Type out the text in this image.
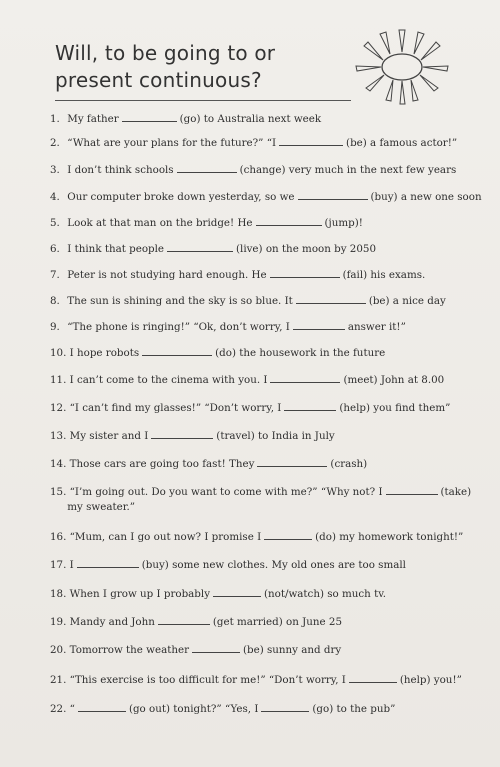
Will, to be going to or
present continuous?
1. My father	(go) to Australia next week
2. “What are your plans for the future?” “I	(be) a famous actor!”
3. I don’t think schools	(change) very much in the next few years
4. Our computer broke down yesterday, so we	(buy) a new one soon
5. Look at that man on the bridge! He	(jump)!
6. I think that people	(live) on the moon by 2050
7. Peter is not studying hard enough. He	(fail) his exams.
8. The sun is shining and the sky is so blue. It	(be) a nice day
9. “The phone is ringing!” “Ok, don’t worry, I	answer it!”
10. I hope robots	(do) the housework in the future
11. I can’t come to the cinema with you. I	(meet) John at 8.00
12. “I can’t find my glasses!” “Don’t worry, I	(help) you find them”
13. My sister and I	(travel) to India in July
14. Those cars are going too fast! They	(crash)
15. “I’m going out. Do you want to come with me?” “Why not? I	(take)
my sweater.”
16. “Mum, can I go out now? I promise I	(do) my homework tonight!”
17. I	(buy) some new clothes. My old ones are too small
18. When I grow up I probably	(not/watch) so much tv.
19. Mandy and John	(get married) on June 25
20. Tomorrow the weather	(be) sunny and dry
21. “This exercise is too difficult for me!” “Don’t worry, I	(help) you!”
22. “	(go out) tonight?” “Yes, I	(go) to the pub”
